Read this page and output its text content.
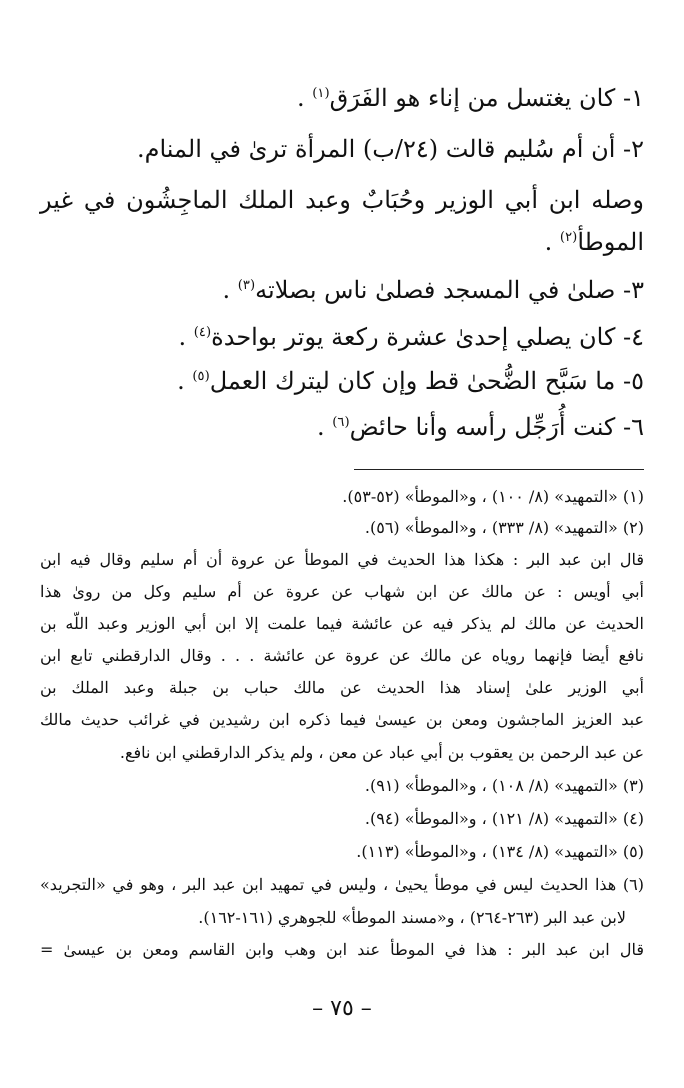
١- كان يغتسل من إناء هو الفَرَق$^{(١)}$ .
٢- أن أم سُليم قالت (٢٤/ب) المرأة ترىٰ في المنام.
وصله ابن أبي الوزير وحُبَابٌ وعبد الملك الماجِشُون في غير
الموطأ$^{(٢)}$ .
٣- صلىٰ في المسجد فصلىٰ ناس بصلاته$^{(٣)}$ .
٤- كان يصلي إحدىٰ عشرة ركعة يوتر بواحدة$^{(٤)}$ .
٥- ما سَبَّح الضُّحىٰ قط وإن كان ليترك العمل$^{(٥)}$ .
٦- كنت أُرَجِّل رأسه وأنا حائض$^{(٦)}$ .
(١) «التمهيد» (٨/ ١٠٠) ، و«الموطأ» (٥٢-٥٣).
(٢) «التمهيد» (٨/ ٣٣٣) ، و«الموطأ» (٥٦).
قال ابن عبد البر : هكذا هذا الحديث في الموطأ عن عروة أن أم سليم وقال فيه ابن
أبي أويس : عن مالك عن ابن شهاب عن عروة عن أم سليم وكل من روىٰ هذا
الحديث عن مالك لم يذكر فيه عن عائشة فيما علمت إلا ابن أبي الوزير وعبد اللّه بن
نافع أيضا فإنهما روياه عن مالك عن عروة عن عائشة . . . وقال الدارقطني تابع ابن
أبي الوزير علىٰ إسناد هذا الحديث عن مالك حباب بن جبلة وعبد الملك بن
عبد العزيز الماجشون ومعن بن عيسىٰ فيما ذكره ابن رشيدين في غرائب حديث مالك
عن عبد الرحمن بن يعقوب بن أبي عباد عن معن ، ولم يذكر الدارقطني ابن نافع.
(٣) «التمهيد» (٨/ ١٠٨) ، و«الموطأ» (٩١).
(٤) «التمهيد» (٨/ ١٢١) ، و«الموطأ» (٩٤).
(٥) «التمهيد» (٨/ ١٣٤) ، و«الموطأ» (١١٣).
(٦) هذا الحديث ليس في موطأ يحيىٰ ، وليس في تمهيد ابن عبد البر ، وهو في «التجريد»
لابن عبد البر (٢٦٣-٢٦٤) ، و«مسند الموطأ» للجوهري (١٦١-١٦٢).
قال ابن عبد البر : هذا في الموطأ عند ابن وهب وابن القاسم ومعن بن عيسىٰ =
– ٧٥ –
